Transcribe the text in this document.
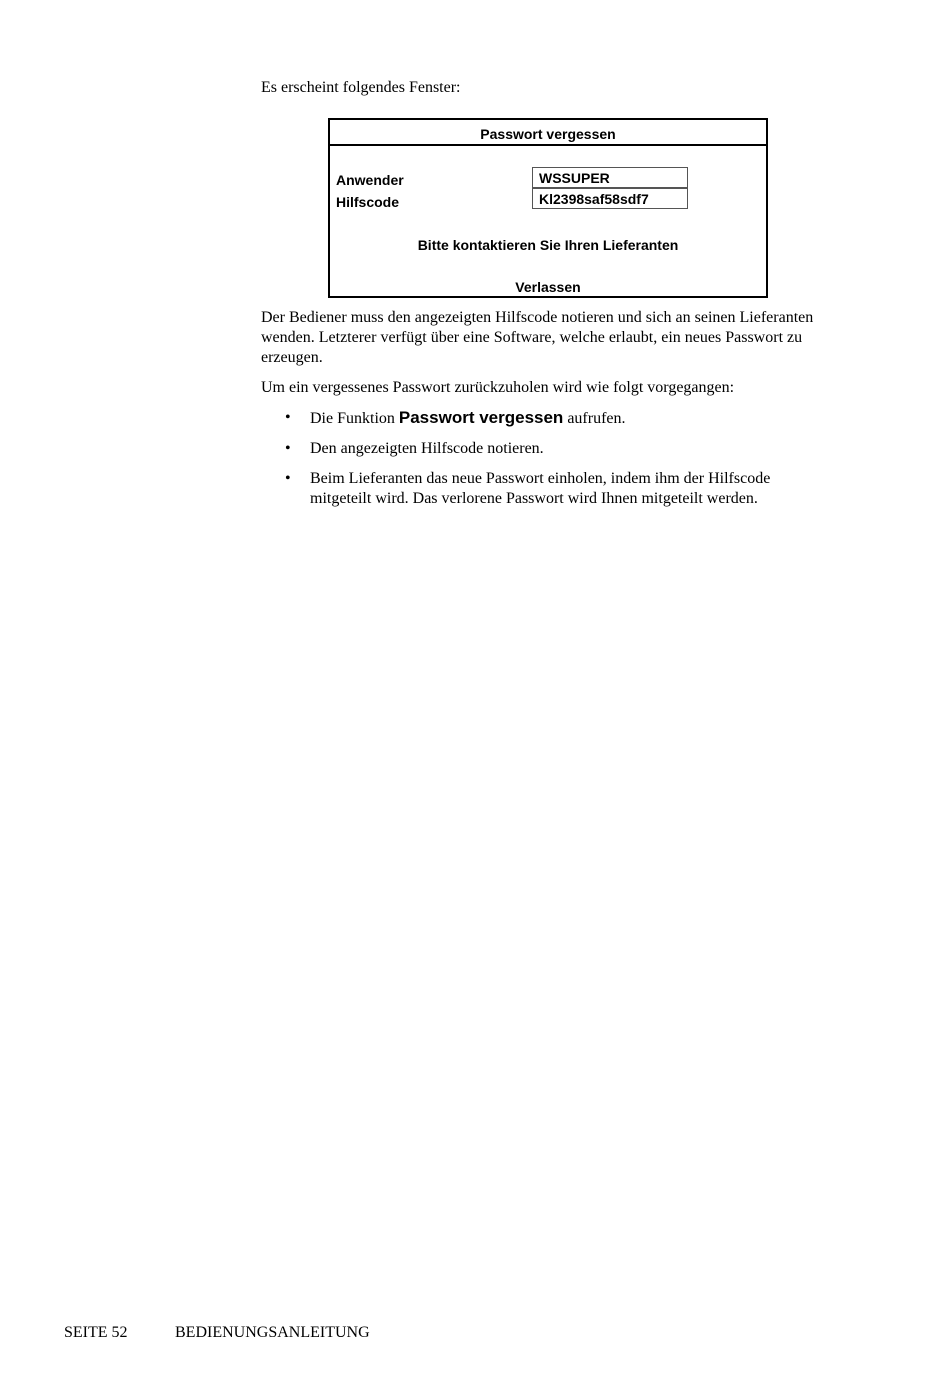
Es erscheint folgendes Fenster:

Passwort vergessen
Anwender	WSSUPER
Hilfscode	Kl2398saf58sdf7
Bitte kontaktieren Sie Ihren Lieferanten
Verlassen

Der Bediener muss den angezeigten Hilfscode notieren und sich an seinen Lieferanten wenden. Letzterer verfügt über eine Software, welche erlaubt, ein neues Passwort zu erzeugen.

Um ein vergessenes Passwort zurückzuholen wird wie folgt vorgegangen:

• Die Funktion Passwort vergessen aufrufen.
• Den angezeigten Hilfscode notieren.
• Beim Lieferanten das neue Passwort einholen, indem ihm der Hilfscode mitgeteilt wird. Das verlorene Passwort wird Ihnen mitgeteilt werden.
SEITE 52	BEDIENUNGSANLEITUNG
